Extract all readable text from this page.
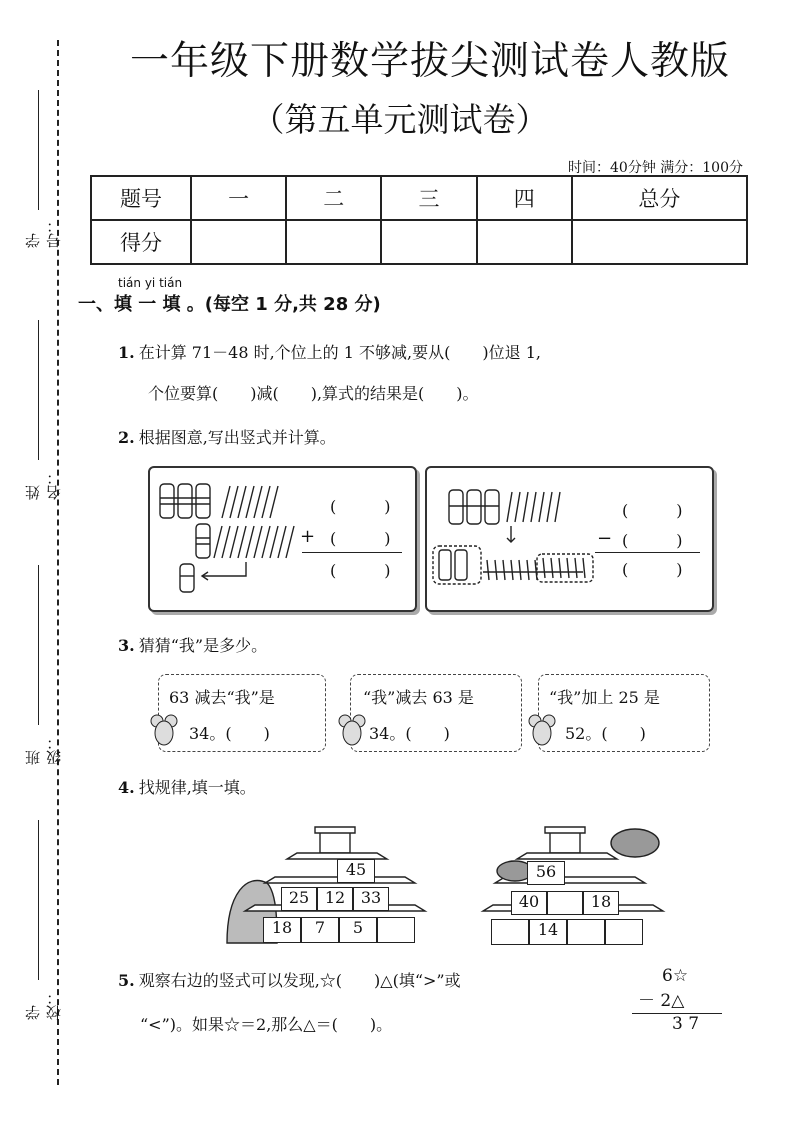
学号：
姓名：
班级：
学校：
一年级下册数学拔尖测试卷人教版
（第五单元测试卷）
时间：40分钟 满分：100分
题号	一	二	三	四	总分
得分					
tián yi tián
一、填 一 填 。(每空 1 分,共 28 分)
1. 在计算 71－48 时,个位上的 1 不够减,要从(　　)位退 1,
个位要算(　　)减(　　),算式的结果是(　　)。
2. 根据图意,写出竖式并计算。
(　　　)
+ (　　　)
(　　　)
(　　　)
− (　　　)
(　　　)
3. 猜猜“我”是多少。
63 减去“我”是
34。(　　)
“我”减去 63 是
34。(　　)
“我”加上 25 是
52。(　　)
4. 找规律,填一填。
45
25 12 33
18	7	5
56
40	18
14
5. 观察右边的竖式可以发现,☆(　　)△(填“>”或
“<”)。如果☆＝2,那么△＝(　　)。
6☆
－ 2△
3 7
